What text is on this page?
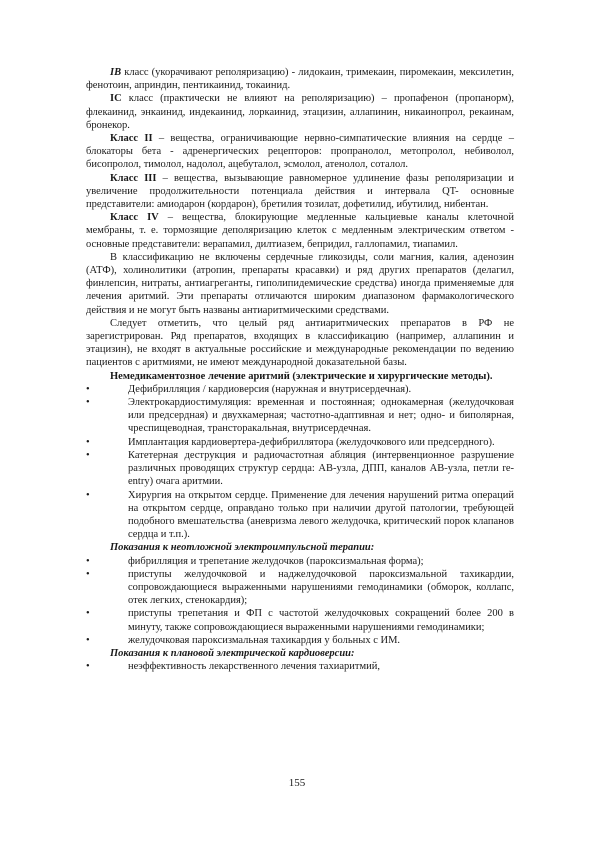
IB класс (укорачивают реполяризацию) - лидокаин, тримекаин, пиромекаин, мексилетин, фенотоин, априндин, пентикаинид, токаинид.

IC класс (практически не влияют на реполяризацию) – пропафенон (пропанорм), флекаинид, энкаинид, индекаинид, лоркаинид, этацизин, аллапинин, никаинопрол, рекаинам, бронекор.

Класс II – вещества, ограничивающие нервно-симпатические влияния на сердце – блокаторы бета - адренергических рецепторов: пропранолол, метопролол, небиволол, бисопролол, тимолол, надолол, ацебуталол, эсмолол, атенолол, соталол.

Класс III – вещества, вызывающие равномерное удлинение фазы реполяризации и увеличение продолжительности потенциала действия и интервала QT- основные представители: амиодарон (кордарон), бретилия тозилат, дофетилид, ибутилид, нибентан.

Класс IV – вещества, блокирующие медленные кальциевые каналы клеточной мембраны, т. е. тормозящие деполяризацию клеток с медленным электрическим ответом - основные представители: верапамил, дилтиазем, бепридил, галлопамил, тиапамил.

В классификацию не включены сердечные гликозиды, соли магния, калия, аденозин (АТФ), холинолитики (атропин, препараты красавки) и ряд других препаратов (делагил, финлепсин, нитраты, антиагреганты, гиполипидемические средства) иногда применяемые для лечения аритмий. Эти препараты отличаются широким диапазоном фармакологического действия и не могут быть названы антиаритмическими средствами.

Следует отметить, что целый ряд антиаритмических препаратов в РФ не зарегистрирован. Ряд препаратов, входящих в классификацию (например, аллапинин и этацизин), не входят в актуальные российские и международные рекомендации по ведению пациентов с аритмиями, не имеют международной доказательной базы.

Немедикаментозное лечение аритмий (электрические и хирургические методы).

•	Дефибрилляция / кардиоверсия (наружная и внутрисердечная).
•	Электрокардиостимуляция: временная и постоянная; однокамерная (желудочковая или предсердная) и двухкамерная; частотно-адаптивная и нет; одно- и биполярная, чреспищеводная, трансторакальная, внутрисердечная.
•	Имплантация кардиовертера-дефибриллятора (желудочкового или предсердного).
•	Катетерная деструкция и радиочастотная абляция (интервенционное разрушение различных проводящих структур сердца: АВ-узла, ДПП, каналов АВ-узла, петли re-entry) очага аритмии.
•	Хирургия на открытом сердце. Применение для лечения нарушений ритма операций на открытом сердце, оправдано только при наличии другой патологии, требующей подобного вмешательства (аневризма левого желудочка, критический порок клапанов сердца и т.п.).

Показания к неотложной электроимпульсной терапии:

•	фибрилляция и трепетание желудочков (пароксизмальная форма);
•	приступы желудочковой и наджелудочковой пароксизмальной тахикардии, сопровождающиеся выраженными нарушениями гемодинамики (обморок, коллапс, отек легких, стенокардия);
•	приступы трепетания и ФП с частотой желудочковых сокращений более 200 в минуту, также сопровождающиеся выраженными нарушениями гемодинамики;
•	желудочковая пароксизмальная тахикардия у больных с ИМ.

Показания к плановой электрической кардиоверсии:

•	неэффективность лекарственного лечения тахиаритмий,
155
